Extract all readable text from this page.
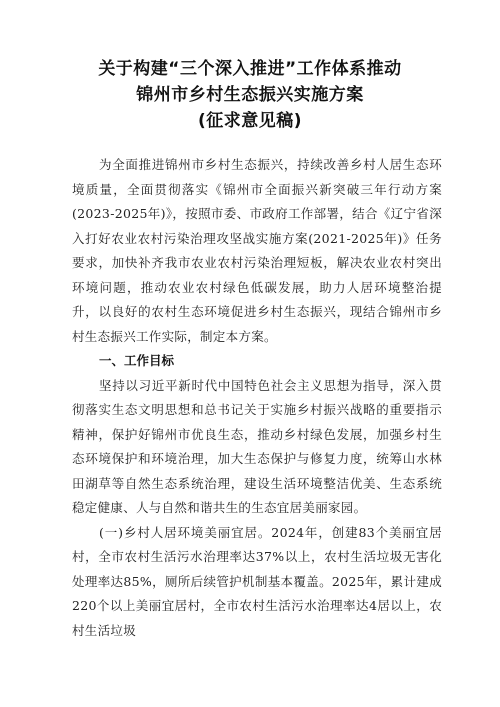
关于构建“三个深入推进”工作体系推动
锦州市乡村生态振兴实施方案
(征求意见稿)

为全面推进锦州市乡村生态振兴，持续改善乡村人居生态环境质量，全面贯彻落实《锦州市全面振兴新突破三年行动方案(2023-2025年)》，按照市委、市政府工作部署，结合《辽宁省深入打好农业农村污染治理攻坚战实施方案(2021-2025年)》任务要求，加快补齐我市农业农村污染治理短板，解决农业农村突出环境问题，推动农业农村绿色低碳发展，助力人居环境整治提升，以良好的农村生态环境促进乡村生态振兴，现结合锦州市乡村生态振兴工作实际，制定本方案。

一、工作目标

坚持以习近平新时代中国特色社会主义思想为指导，深入贯彻落实生态文明思想和总书记关于实施乡村振兴战略的重要指示精神，保护好锦州市优良生态，推动乡村绿色发展，加强乡村生态环境保护和环境治理，加大生态保护与修复力度，统筹山水林田湖草等自然生态系统治理，建设生活环境整洁优美、生态系统稳定健康、人与自然和谐共生的生态宜居美丽家园。

(一)乡村人居环境美丽宜居。2024年，创建83个美丽宜居村，全市农村生活污水治理率达37%以上，农村生活垃圾无害化处理率达85%，厕所后续管护机制基本覆盖。2025年，累计建成220个以上美丽宜居村，全市农村生活污水治理率达4居以上，农村生活垃圾
